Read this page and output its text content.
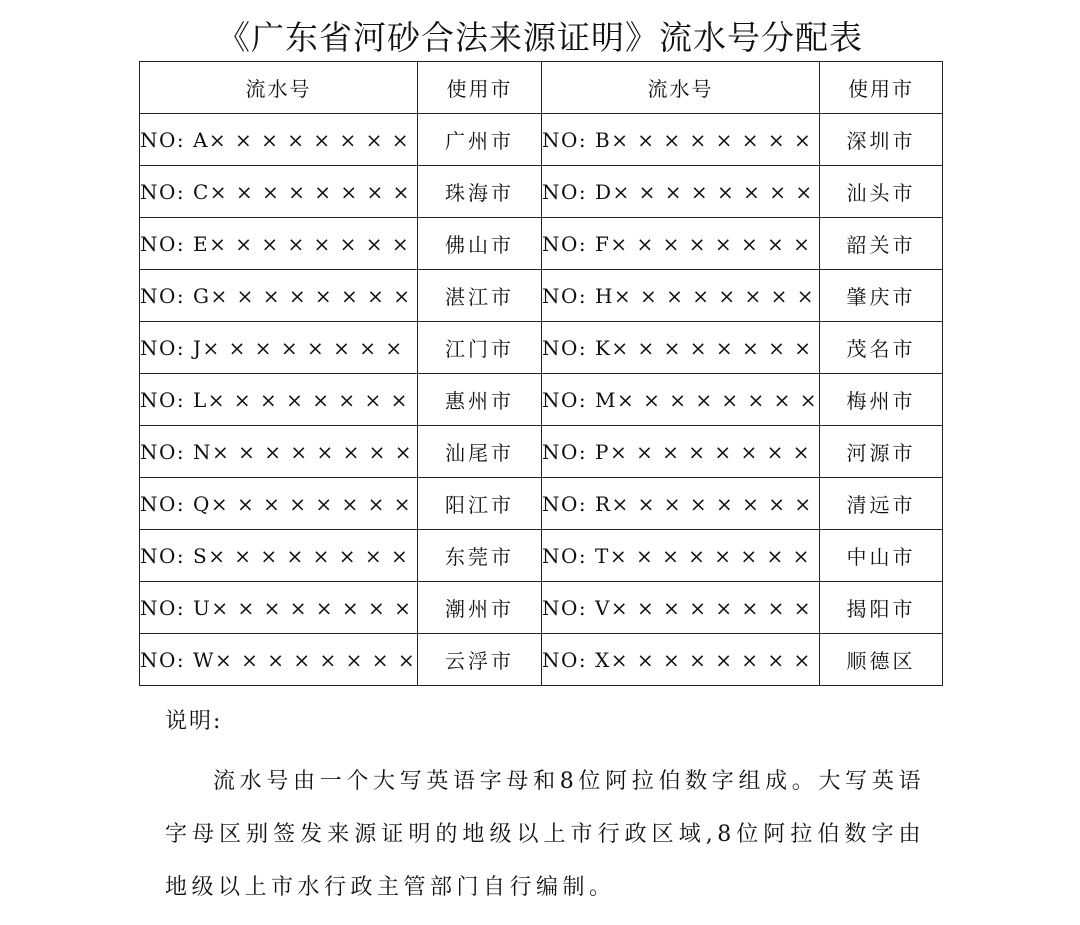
《广东省河砂合法来源证明》流水号分配表
流水号	使用市	流水号	使用市
NO: A× × × × × × × ×	广州市	NO: B× × × × × × × ×	深圳市
NO: C× × × × × × × ×	珠海市	NO: D× × × × × × × ×	汕头市
NO: E× × × × × × × ×	佛山市	NO: F× × × × × × × ×	韶关市
NO: G× × × × × × × ×	湛江市	NO: H× × × × × × × ×	肇庆市
NO: J× × × × × × × ×	江门市	NO: K× × × × × × × ×	茂名市
NO: L× × × × × × × ×	惠州市	NO: M× × × × × × × ×	梅州市
NO: N× × × × × × × ×	汕尾市	NO: P× × × × × × × ×	河源市
NO: Q× × × × × × × ×	阳江市	NO: R× × × × × × × ×	清远市
NO: S× × × × × × × ×	东莞市	NO: T× × × × × × × ×	中山市
NO: U× × × × × × × ×	潮州市	NO: V× × × × × × × ×	揭阳市
NO: W× × × × × × × ×	云浮市	NO: X× × × × × × × ×	顺德区
说明:
流水号由一个大写英语字母和8位阿拉伯数字组成。大写英语字母区别签发来源证明的地级以上市行政区域,8位阿拉伯数字由地级以上市水行政主管部门自行编制。
